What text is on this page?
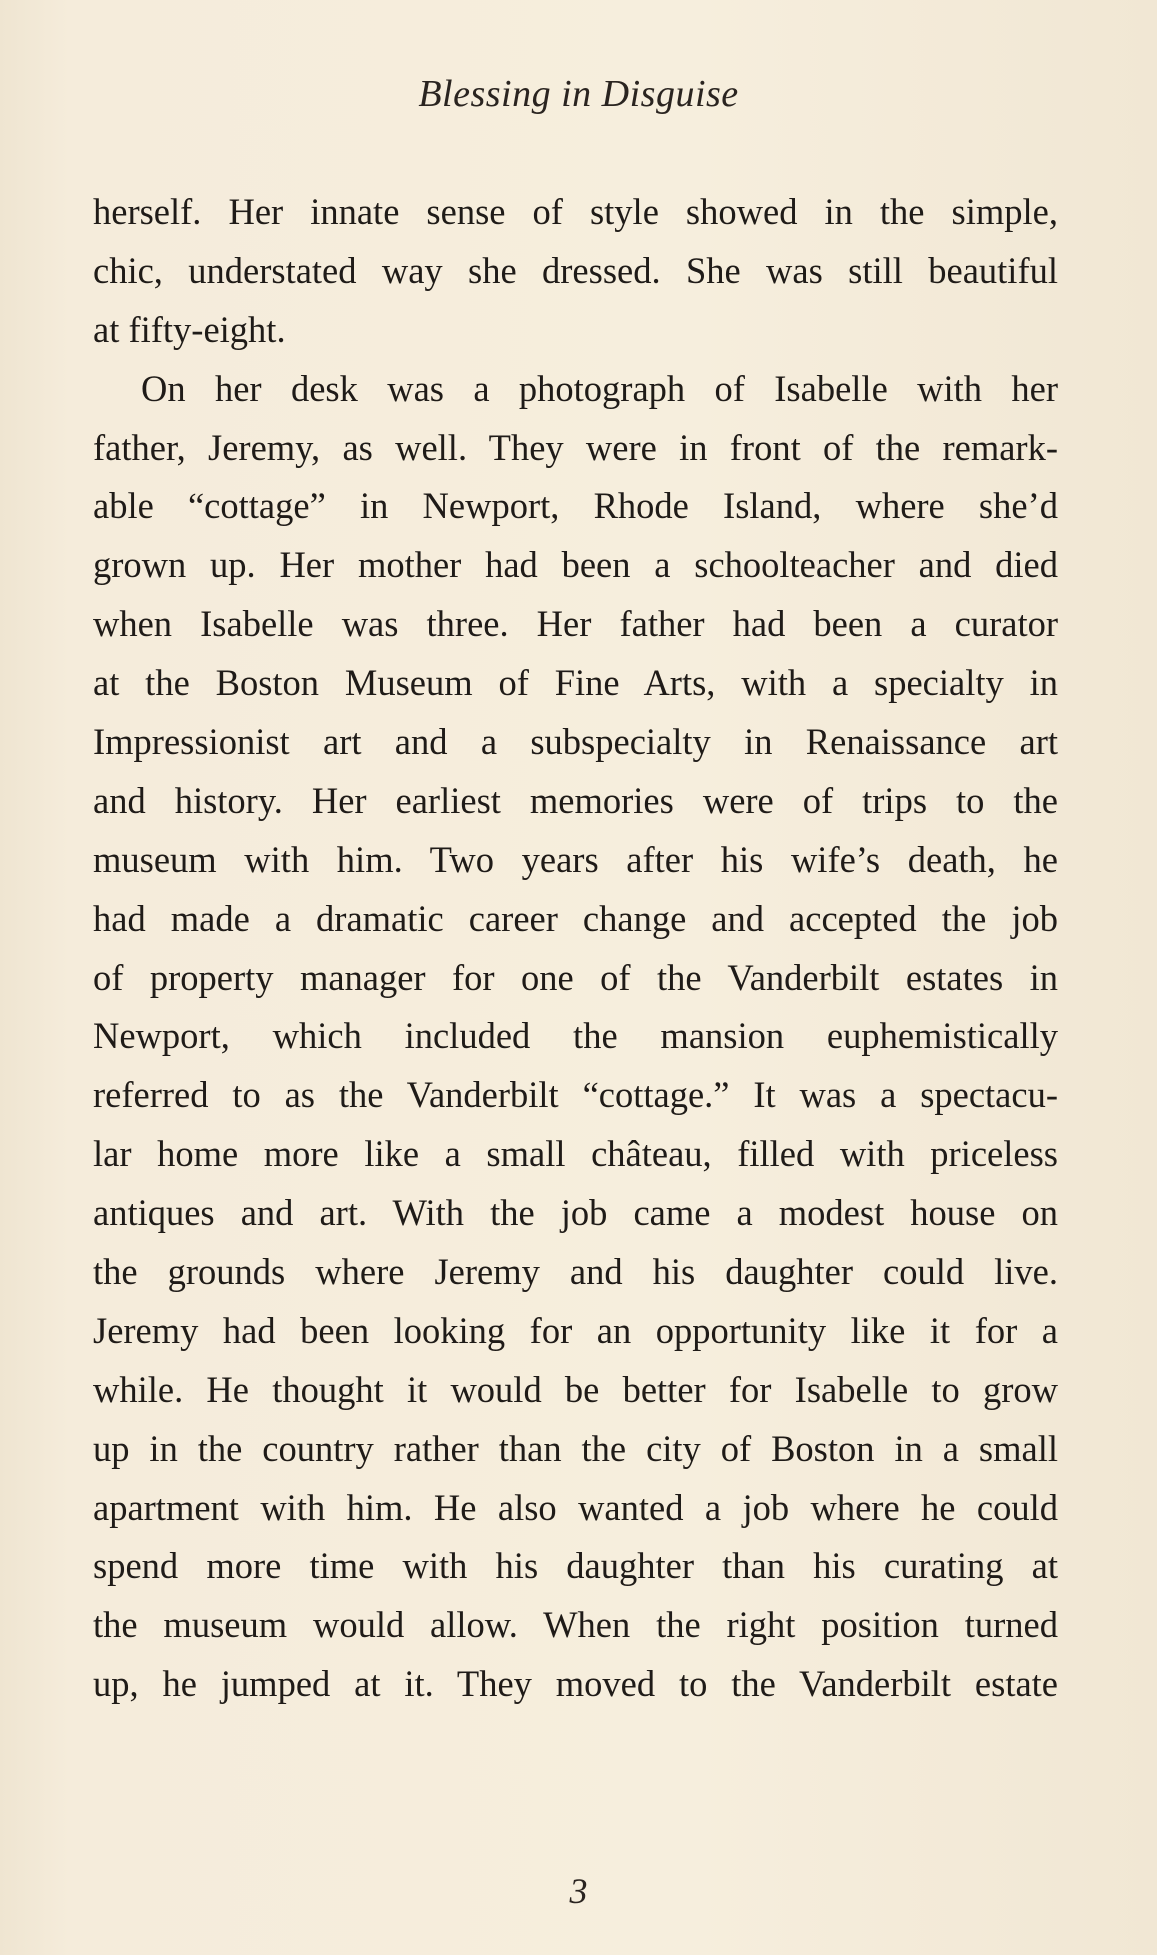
Blessing in Disguise
herself. Her innate sense of style showed in the simple,
chic, understated way she dressed. She was still beautiful
at fifty-eight.
On her desk was a photograph of Isabelle with her
father, Jeremy, as well. They were in front of the remark-
able “cottage” in Newport, Rhode Island, where she’d
grown up. Her mother had been a schoolteacher and died
when Isabelle was three. Her father had been a curator
at the Boston Museum of Fine Arts, with a specialty in
Impressionist art and a subspecialty in Renaissance art
and history. Her earliest memories were of trips to the
museum with him. Two years after his wife’s death, he
had made a dramatic career change and accepted the job
of property manager for one of the Vanderbilt estates in
Newport, which included the mansion euphemistically
referred to as the Vanderbilt “cottage.” It was a spectacu-
lar home more like a small château, filled with priceless
antiques and art. With the job came a modest house on
the grounds where Jeremy and his daughter could live.
Jeremy had been looking for an opportunity like it for a
while. He thought it would be better for Isabelle to grow
up in the country rather than the city of Boston in a small
apartment with him. He also wanted a job where he could
spend more time with his daughter than his curating at
the museum would allow. When the right position turned
up, he jumped at it. They moved to the Vanderbilt estate
3
